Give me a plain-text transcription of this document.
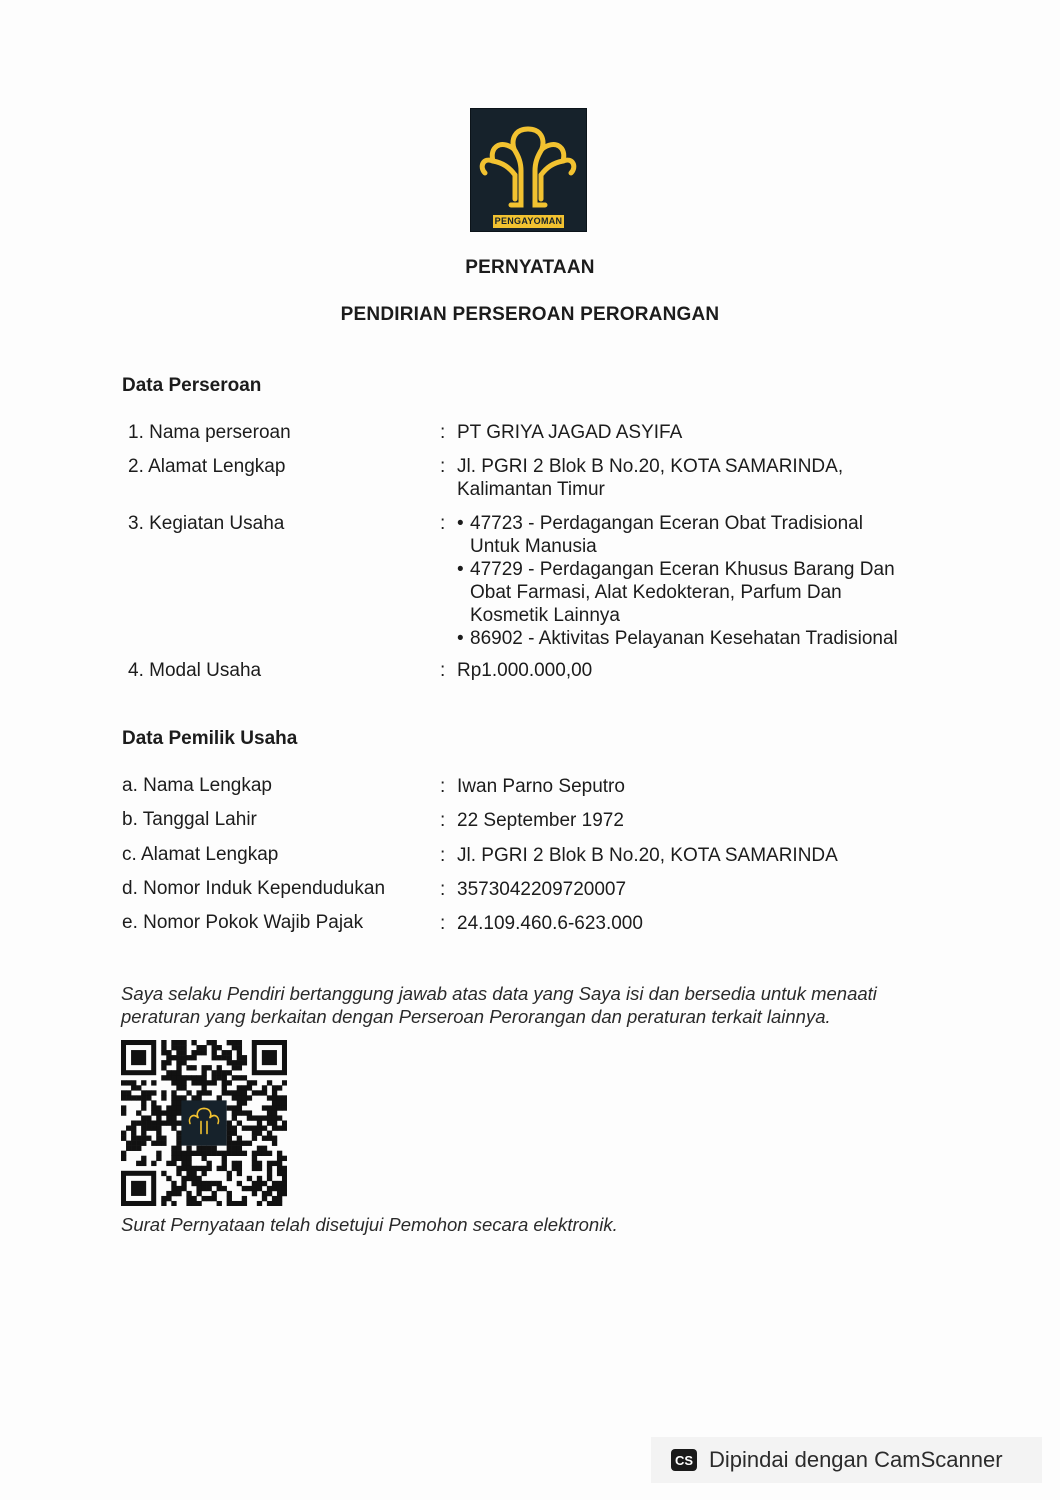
PENGAYOMAN
PERNYATAAN
PENDIRIAN PERSEROAN PERORANGAN
Data Perseroan
1. Nama perseroan	: PT GRIYA JAGAD ASYIFA
2. Alamat Lengkap	: Jl. PGRI 2 Blok B No.20, KOTA SAMARINDA,
Kalimantan Timur
3. Kegiatan Usaha	:
• 47723 - Perdagangan Eceran Obat Tradisional
Untuk Manusia
• 47729 - Perdagangan Eceran Khusus Barang Dan
Obat Farmasi, Alat Kedokteran, Parfum Dan
Kosmetik Lainnya
• 86902 - Aktivitas Pelayanan Kesehatan Tradisional
4. Modal Usaha	: Rp1.000.000,00
Data Pemilik Usaha
a. Nama Lengkap	: Iwan Parno Seputro
b. Tanggal Lahir	: 22 September 1972
c. Alamat Lengkap	: Jl. PGRI 2 Blok B No.20, KOTA SAMARINDA
d. Nomor Induk Kependudukan	: 3573042209720007
e. Nomor Pokok Wajib Pajak	: 24.109.460.6-623.000
Saya selaku Pendiri bertanggung jawab atas data yang Saya isi dan bersedia untuk menaati
peraturan yang berkaitan dengan Perseroan Perorangan dan peraturan terkait lainnya.
Surat Pernyataan telah disetujui Pemohon secara elektronik.
CS Dipindai dengan CamScanner
